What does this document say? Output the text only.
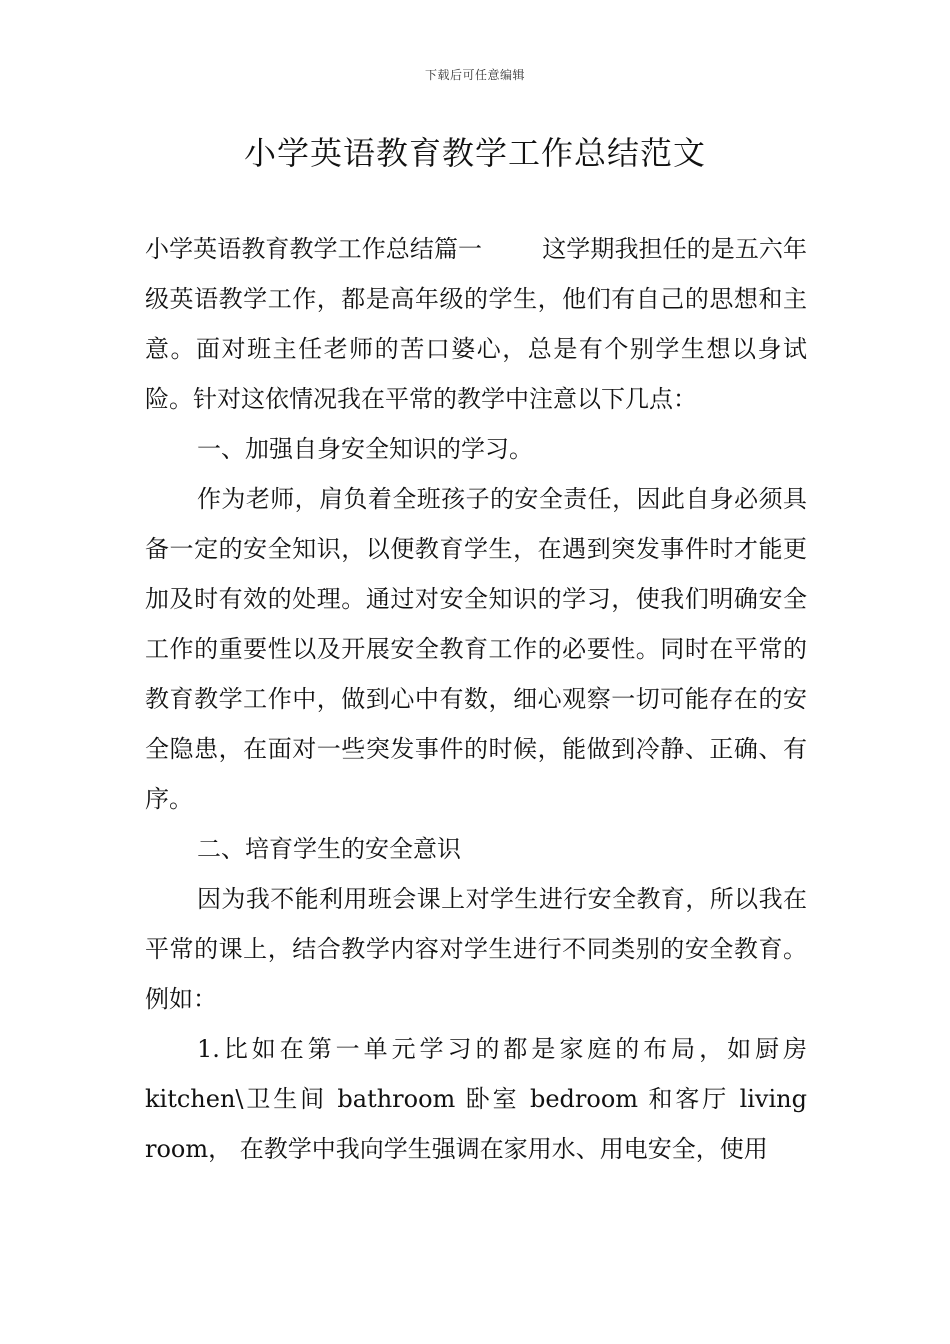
下载后可任意编辑
小学英语教育教学工作总结范文

小学英语教育教学工作总结篇一	这学期我担任的是五六年级英语教学工作，都是高年级的学生，他们有自己的思想和主意。面对班主任老师的苦口婆心，总是有个别学生想以身试险。针对这依情况我在平常的教学中注意以下几点：

一、加强自身安全知识的学习。

作为老师，肩负着全班孩子的安全责任，因此自身必须具备一定的安全知识，以便教育学生，在遇到突发事件时才能更加及时有效的处理。通过对安全知识的学习，使我们明确安全工作的重要性以及开展安全教育工作的必要性。同时在平常的教育教学工作中，做到心中有数，细心观察一切可能存在的安全隐患，在面对一些突发事件的时候，能做到冷静、正确、有序。

二、培育学生的安全意识

因为我不能利用班会课上对学生进行安全教育，所以我在平常的课上，结合教学内容对学生进行不同类别的安全教育。例如：

1.比如在第一单元学习的都是家庭的布局，如厨房kitchen\卫生间 bathroom 卧室 bedroom 和客厅 living room， 在教学中我向学生强调在家用水、用电安全，使用
